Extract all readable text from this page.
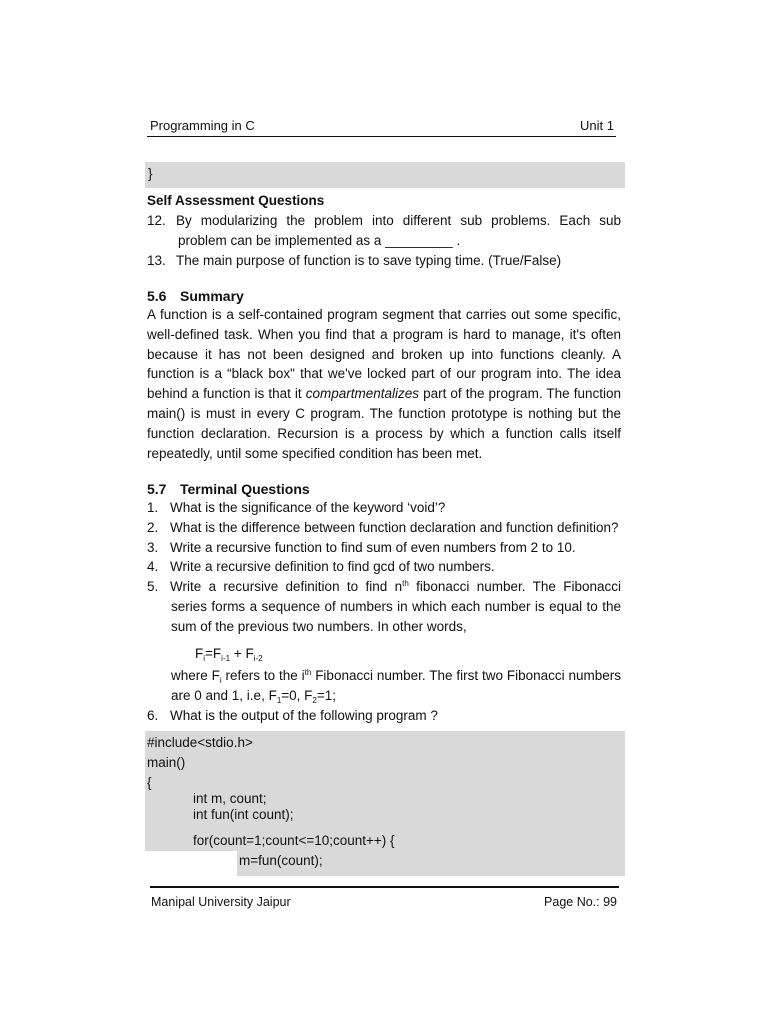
Programming in C	Unit 1
}
Self Assessment Questions
12. By modularizing the problem into different sub problems. Each sub
problem can be implemented as a _________ .
13. The main purpose of function is to save typing time. (True/False)
5.6 Summary
A function is a self-contained program segment that carries out some specific, well-defined task. When you find that a program is hard to manage, it's often because it has not been designed and broken up into functions cleanly. A function is a “black box" that we've locked part of our program into. The idea behind a function is that it compartmentalizes part of the program. The function main() is must in every C program. The function prototype is nothing but the function declaration. Recursion is a process by which a function calls itself repeatedly, until some specified condition has been met.
5.7 Terminal Questions
1. What is the significance of the keyword ‘void’?
2. What is the difference between function declaration and function definition?
3. Write a recursive function to find sum of even numbers from 2 to 10.
4. Write a recursive definition to find gcd of two numbers.
5. Write a recursive definition to find $n^{th}$ fibonacci number. The Fibonacci
series forms a sequence of numbers in which each number is equal to the
sum of the previous two numbers. In other words,
$F_i=F_{i-1} + F_{i-2}$
where $F_i$ refers to the $i^{th}$ Fibonacci number. The first two Fibonacci numbers
are 0 and 1, i.e, $F_1=0$, $F_2=1$;
6. What is the output of the following program ?
#include<stdio.h>
main()
{
int m, count;
int fun(int count);
for(count=1;count<=10;count++) {
m=fun(count);
Manipal University Jaipur	Page No.: 99
